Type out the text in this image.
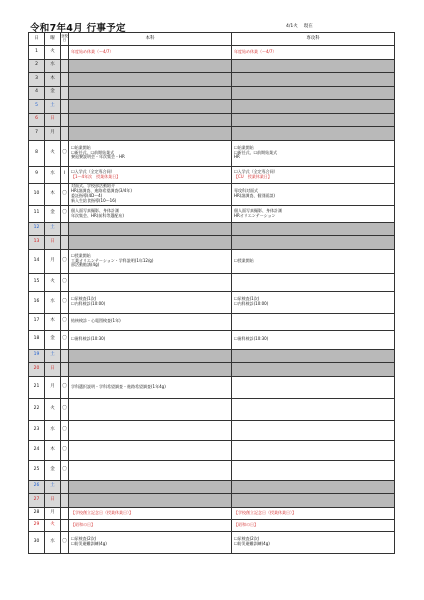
令和7年4月 行事予定	4/1火 現在
日	曜	登校日	本科	専攻科
1	火		年度始め休業（〜4/7）	年度始め休業（〜4/7）

2	水			
3	木			
4	金			
5	土			
6	日			
7	月			
8	火	〇	☐始業開始
☐新任式、☐前期始業式
寮退寮説明会・年次集会・HR	☐始業開始
☐新任式、☐前期始業式
HR

9	水	Ⅰ	☐入学式（全定専合同）
【1〜4年次　授業休業日】	☐入学式（全定専合同）
【CU　授業休業日】

10	木	〇	対面式、学校部活動紹介
HR(諸調査、進路希望調査(3/4年)
委託指導(4D〜4)
新入生給食指導(10〜16)	専攻科対面式
HR(諸調査、個別面談)

11	金	〇	個人面写真撮影、身体計測
年次集会、HR(前科等選配布)	個人面写真撮影、身体計測
HRオリエンテーション

12	土			
13	日			
14	月	〇	☐授業開始
工業オリエンテーション・学科説明(1年12/g)
部活動勧誘(4g)	☐授業開始

15	火	〇		
16	水	〇	☐尿検査(1次)
☐内科検診(10:00)	☐尿検査(1次)
☐内科検診(10:00)

17	木	〇	結核検診・心電図検査(1年)	

18	金	〇	☐歯科検診(10:30)	☐歯科検診(10:30)

19	土			
20	日			
21	月	〇	学科選択説明・学科希望調査・進路希望調査(1年4g)	

22	火	〇		
23	水	〇		
24	木	〇		
25	金	〇		
26	土			
27	日			
28	月		【学校創立記念日（授業休業日）】	【学校創立記念日（授業休業日）】

29	火		【昭和の日】	【昭和の日】

30	水	〇	☐尿検査(2次)
☐防災避難訓練(4g)	☐尿検査(2次)
☐防災避難訓練(4g)
